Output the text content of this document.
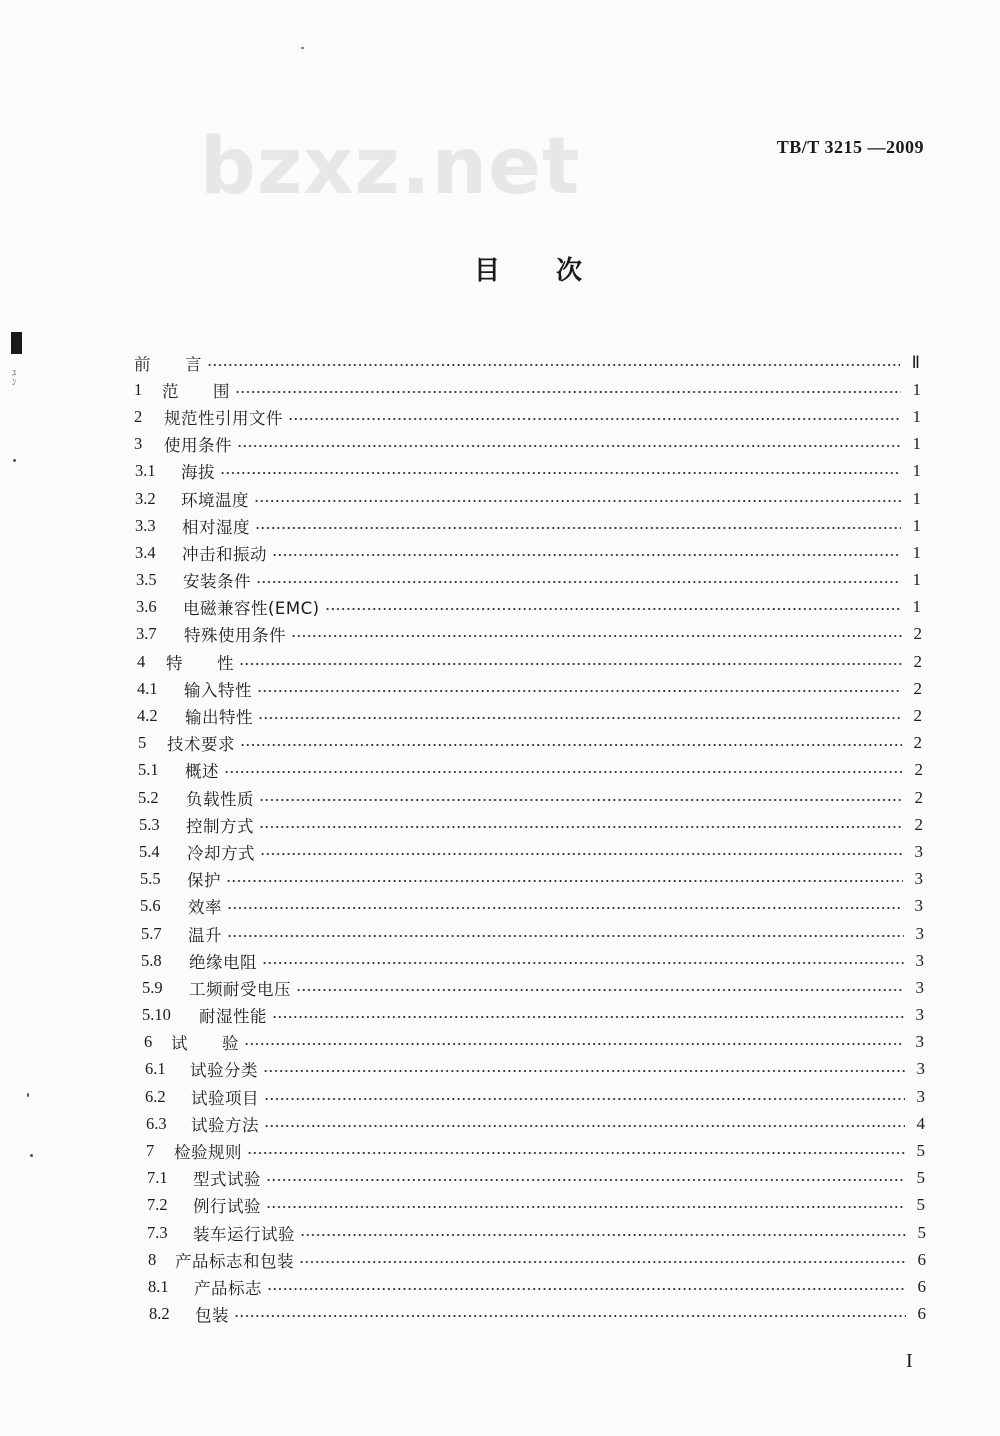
bzxz.net	TB/T 3215 —2009
目 次
ﾕ ﾝ
前　　言	Ⅱ
1	范　　围	1
2	规范性引用文件	1
3	使用条件	1
3.1	海拔	1
3.2	环境温度	1
3.3	相对湿度	1
3.4	冲击和振动	1
3.5	安装条件	1
3.6	电磁兼容性(EMC)	1
3.7	特殊使用条件	2
4	特　　性	2
4.1	输入特性	2
4.2	输出特性	2
5	技术要求	2
5.1	概述	2
5.2	负载性质	2
5.3	控制方式	2
5.4	冷却方式	3
5.5	保护	3
5.6	效率	3
5.7	温升	3
5.8	绝缘电阻	3
5.9	工频耐受电压	3
5.10	耐湿性能	3
6	试　　验	3
6.1	试验分类	3
6.2	试验项目	3
6.3	试验方法	4
7	检验规则	5
7.1	型式试验	5
7.2	例行试验	5
7.3	装车运行试验	5
8	产品标志和包装	6
8.1	产品标志	6
8.2	包装	6
I
